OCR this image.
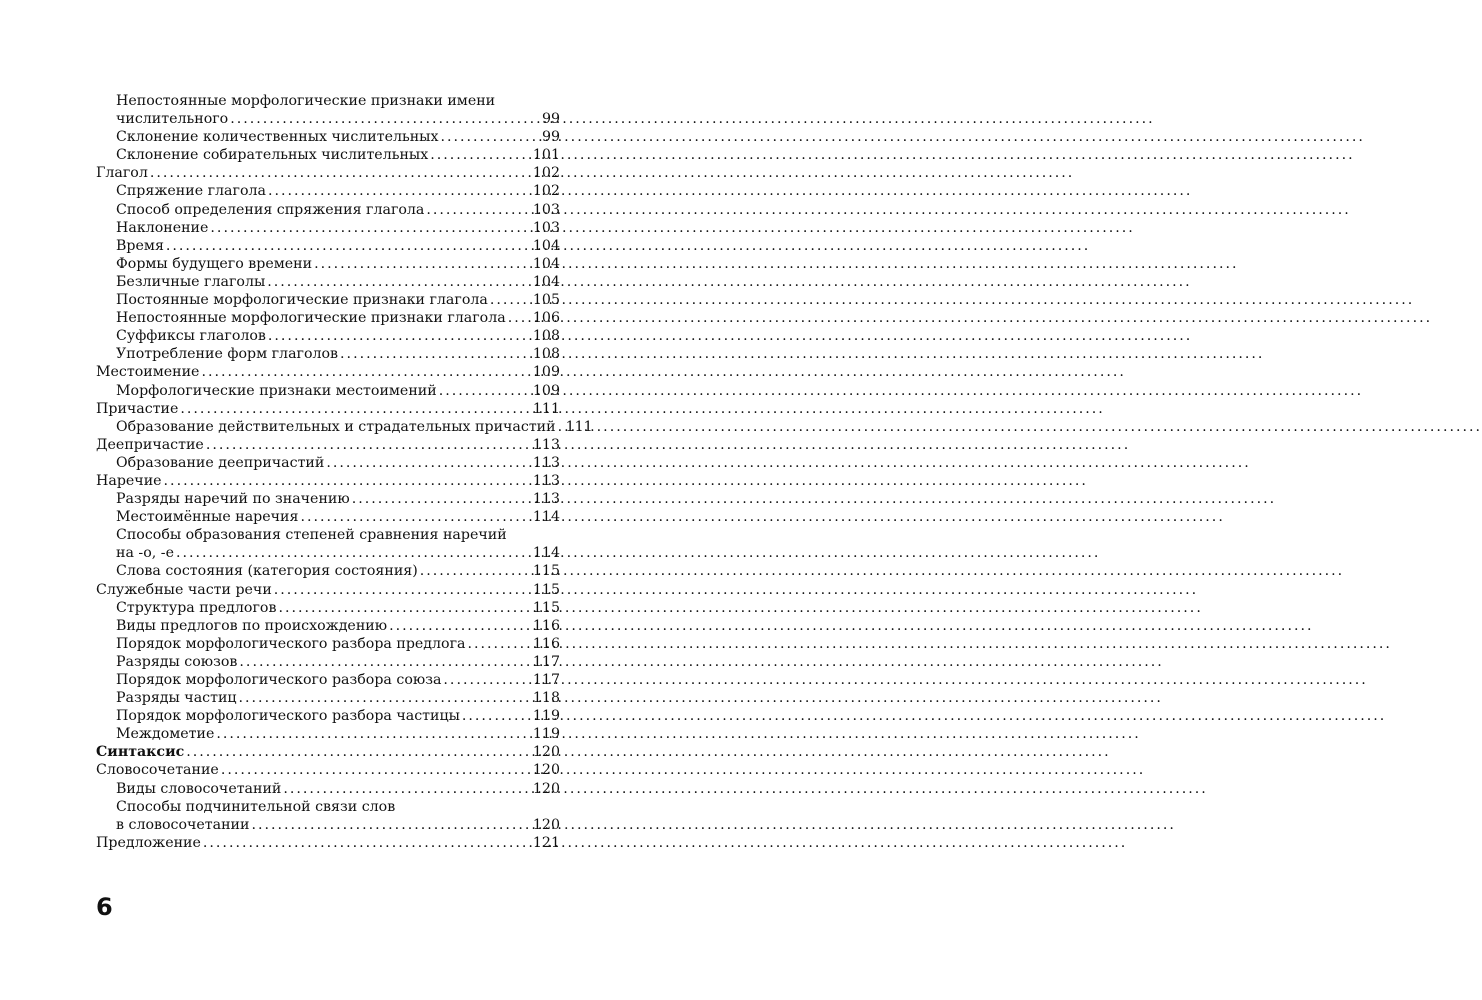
Непостоянные морфологические признаки имени
числительного .....	99
Склонение количественных числительных .....	99
Склонение собирательных числительных .....	101
Глагол .....	102
Спряжение глагола .....	102
Способ определения спряжения глагола .....	103
Наклонение .....	103
Время .....	104
Формы будущего времени .....	104
Безличные глаголы .....	104
Постоянные морфологические признаки глагола .....	105
Непостоянные морфологические признаки глагола ..... 106
Суффиксы глаголов .....	108
Употребление форм глаголов .....	108
Местоимение .....	109
Морфологические признаки местоимений .....	109
Причастие .....	111
Образование действительных и страдательных причастий ..... 111
Деепричастие .....	113
Образование деепричастий .....	113
Наречие .....	113
Разряды наречий по значению .....	113
Местоимённые наречия .....	114
Способы образования степеней сравнения наречий
на -о, -е .....	114
Слова состояния (категория состояния) .....	115
Служебные части речи .....	115
Структура предлогов .....	115
Виды предлогов по происхождению .....	116
Порядок морфологического разбора предлога .....	116
Разряды союзов .....	117
Порядок морфологического разбора союза .....	117
Разряды частиц .....	118
Порядок морфологического разбора частицы .....	119
Междометие .....	119
Синтаксис .....	120
Словосочетание .....	120
Виды словосочетаний .....	120
Способы подчинительной связи слов
в словосочетании .....	120
Предложение .....	121
6
